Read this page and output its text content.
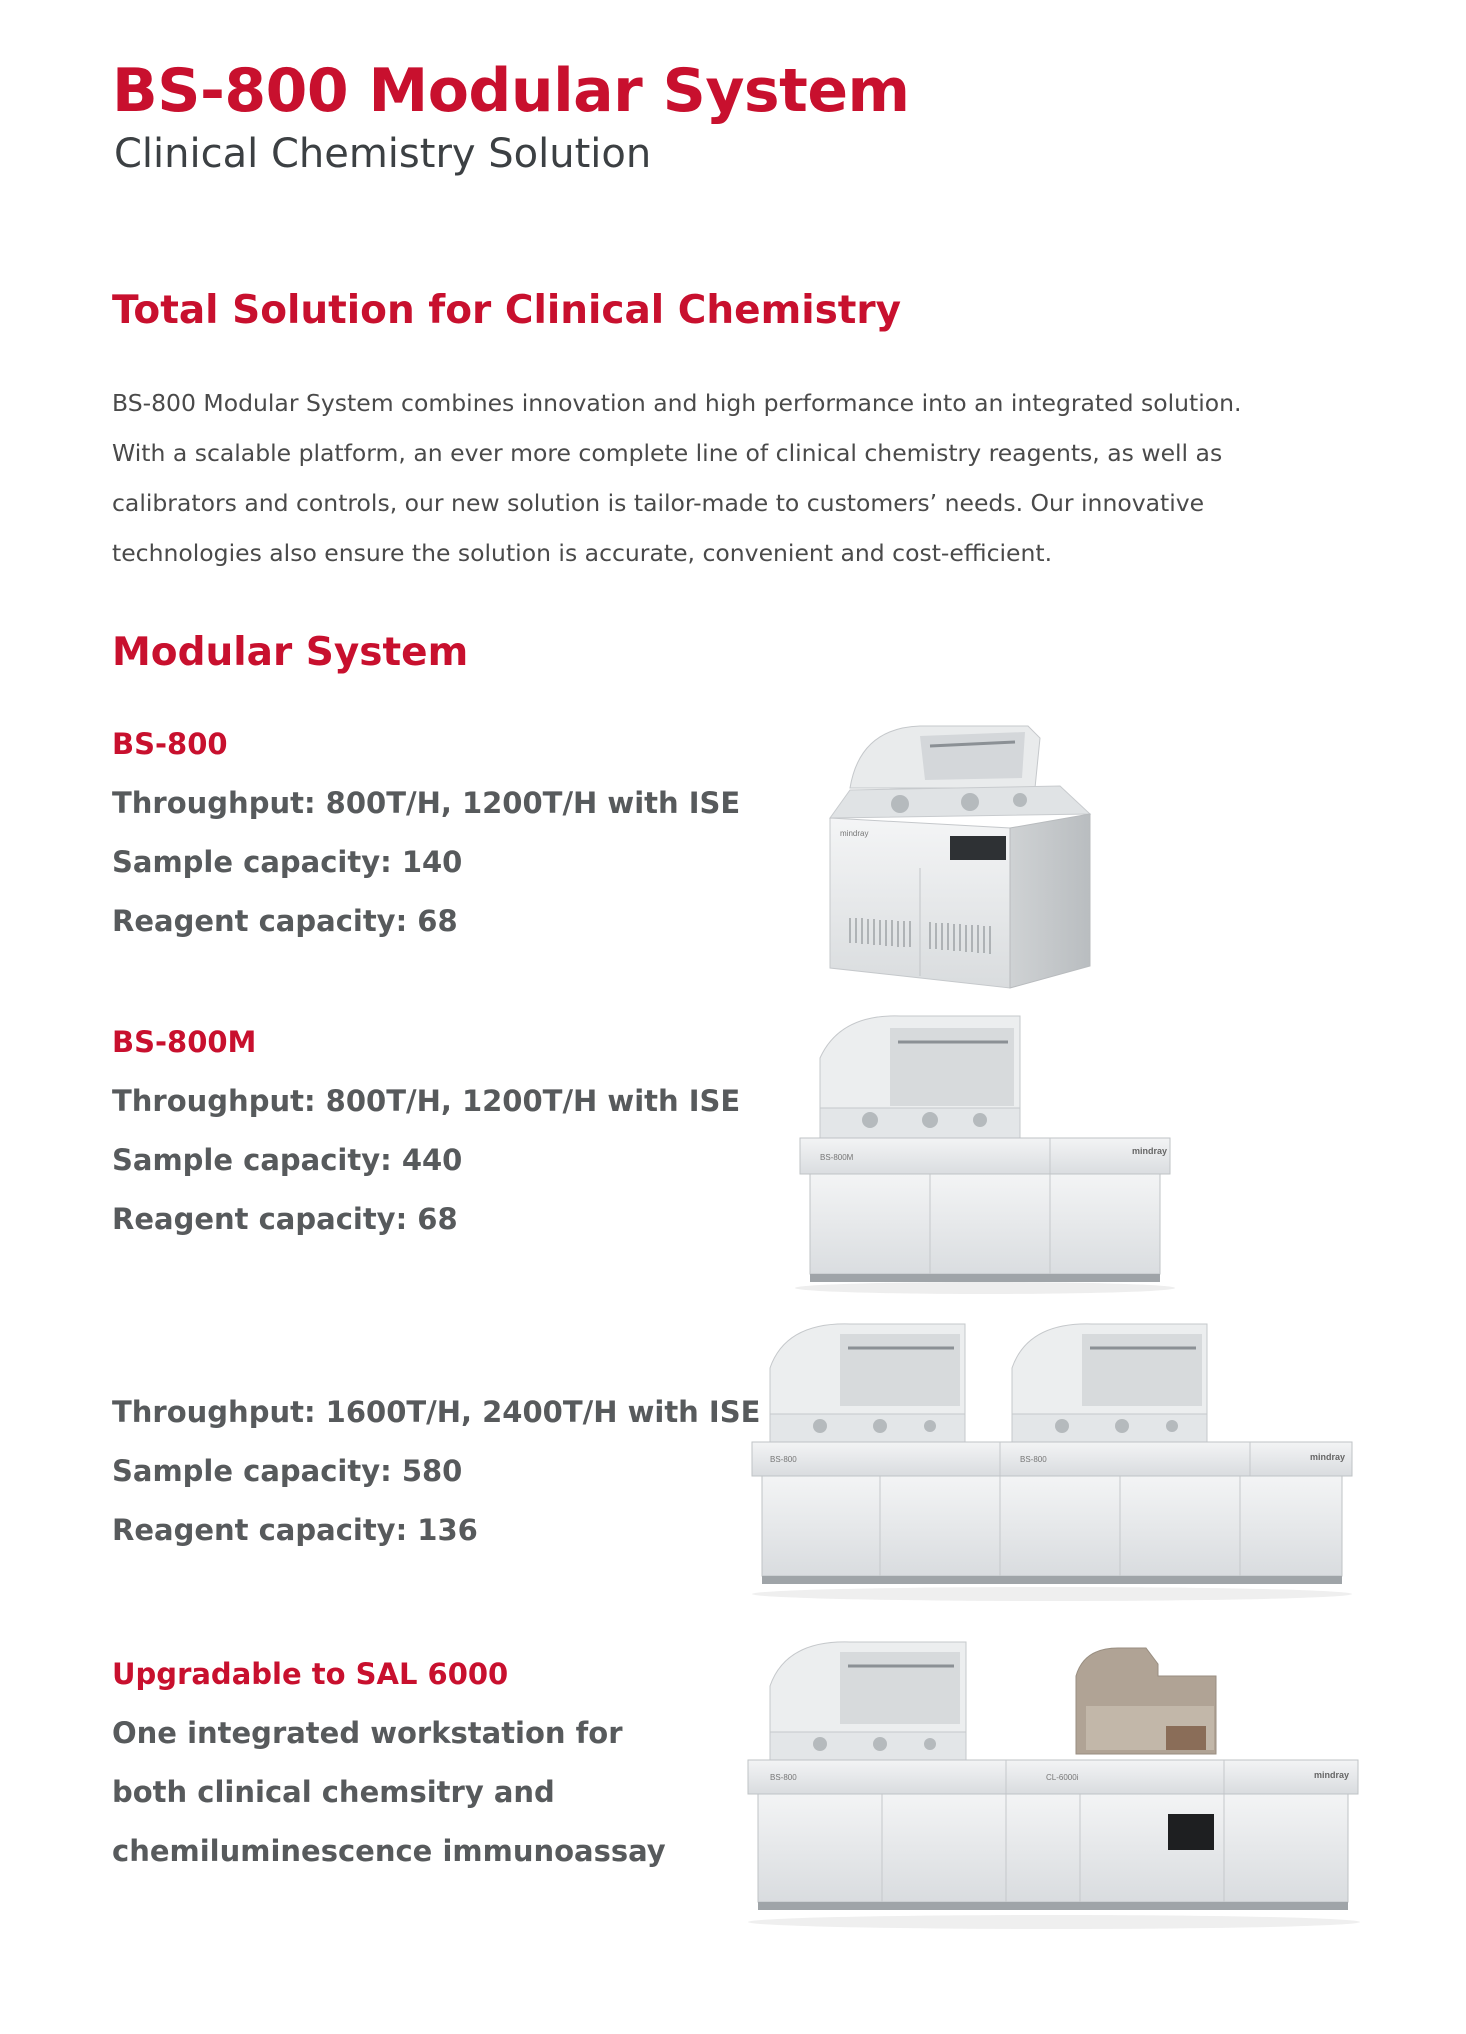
BS-800 Modular System
Clinical Chemistry Solution
Total Solution for Clinical Chemistry

BS-800 Modular System combines innovation and high performance into an integrated solution.

With a scalable platform, an ever more complete line of clinical chemistry reagents, as well as

calibrators and controls, our new solution is tailor-made to customers’ needs. Our innovative

technologies also ensure the solution is accurate, convenient and cost-efficient.

Modular System
BS-800
Throughput: 800T/H, 1200T/H with ISE
Sample capacity: 140
Reagent capacity: 68
BS-800M
Throughput: 800T/H, 1200T/H with ISE
Sample capacity: 440
Reagent capacity: 68
Throughput: 1600T/H, 2400T/H with ISE
Sample capacity: 580
Reagent capacity: 136
Upgradable to SAL 6000
One integrated workstation for
both clinical chemsitry and
chemiluminescence immunoassay
mindray
BS-800M
mindray
BS-800	BS-800	mindray
BS-800	CL-6000i	mindray
